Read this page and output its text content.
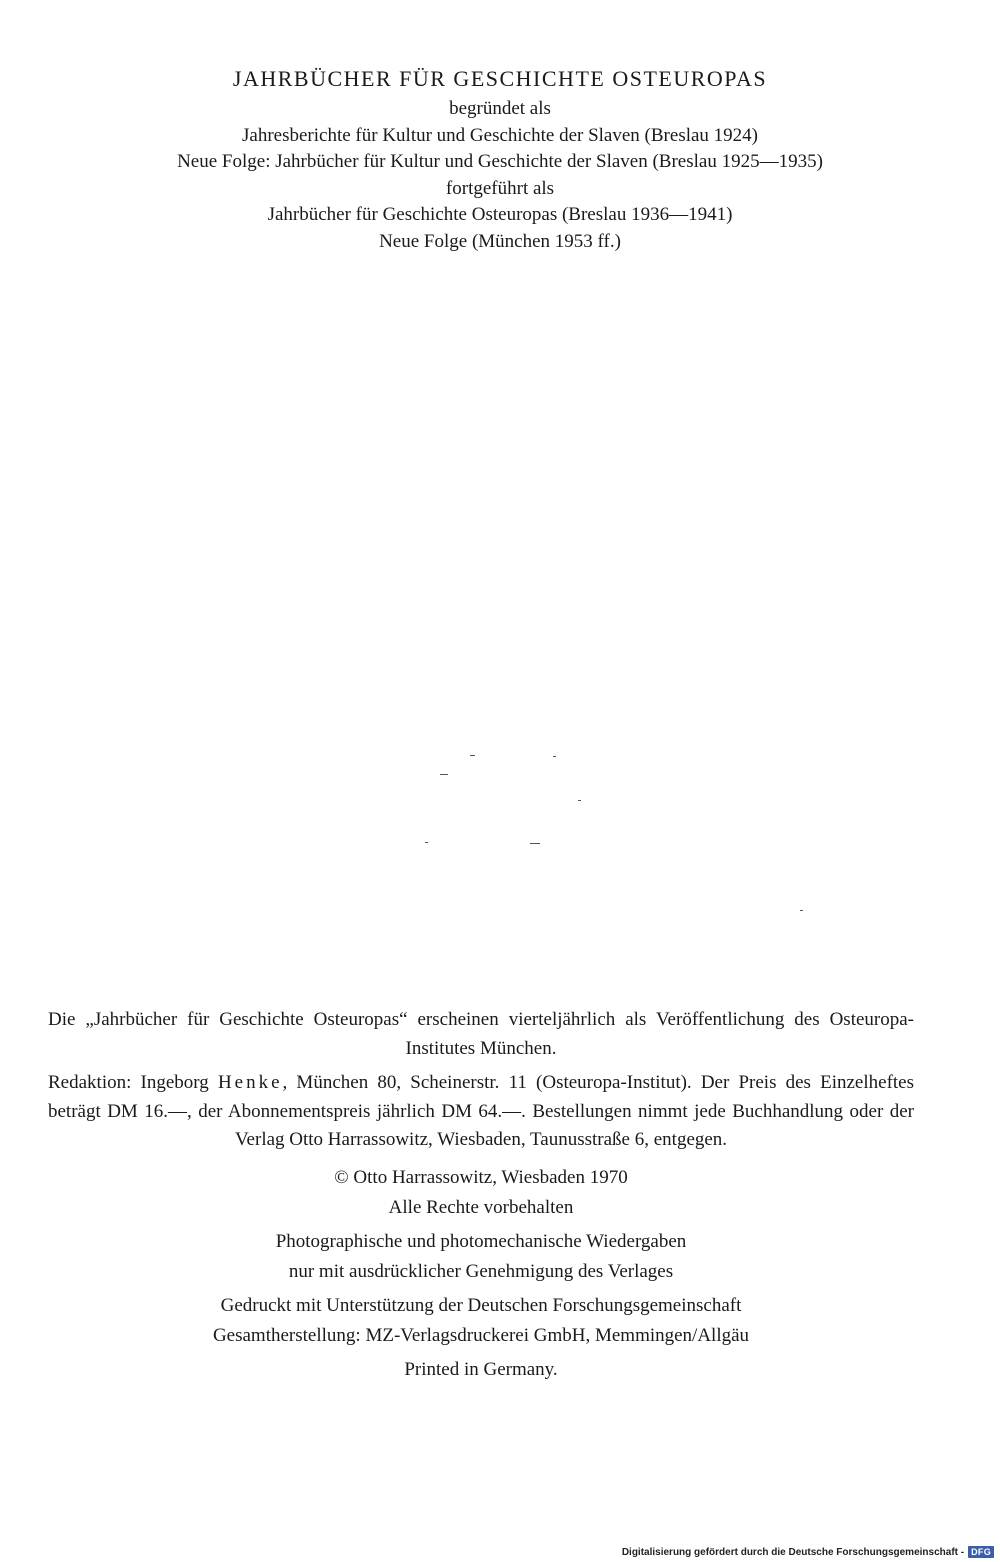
JAHRBÜCHER FÜR GESCHICHTE OSTEUROPAS
begründet als
Jahresberichte für Kultur und Geschichte der Slaven (Breslau 1924)
Neue Folge: Jahrbücher für Kultur und Geschichte der Slaven (Breslau 1925—1935)
fortgeführt als
Jahrbücher für Geschichte Osteuropas (Breslau 1936—1941)
Neue Folge (München 1953 ff.)

Die „Jahrbücher für Geschichte Osteuropas“ erscheinen vierteljährlich als Veröffentlichung des Osteuropa-Institutes München.

Redaktion: Ingeborg Henke, München 80, Scheinerstr. 11 (Osteuropa-Institut). Der Preis des Einzelheftes beträgt DM 16.—, der Abonnementspreis jährlich DM 64.—. Bestellungen nimmt jede Buchhandlung oder der Verlag Otto Harrassowitz, Wiesbaden, Taunusstraße 6, entgegen.

© Otto Harrassowitz, Wiesbaden 1970
Alle Rechte vorbehalten
Photographische und photomechanische Wiedergaben
nur mit ausdrücklicher Genehmigung des Verlages
Gedruckt mit Unterstützung der Deutschen Forschungsgemeinschaft
Gesamtherstellung: MZ-Verlagsdruckerei GmbH, Memmingen/Allgäu
Printed in Germany.
Digitalisierung gefördert durch die Deutsche Forschungsgemeinschaft - DFG
